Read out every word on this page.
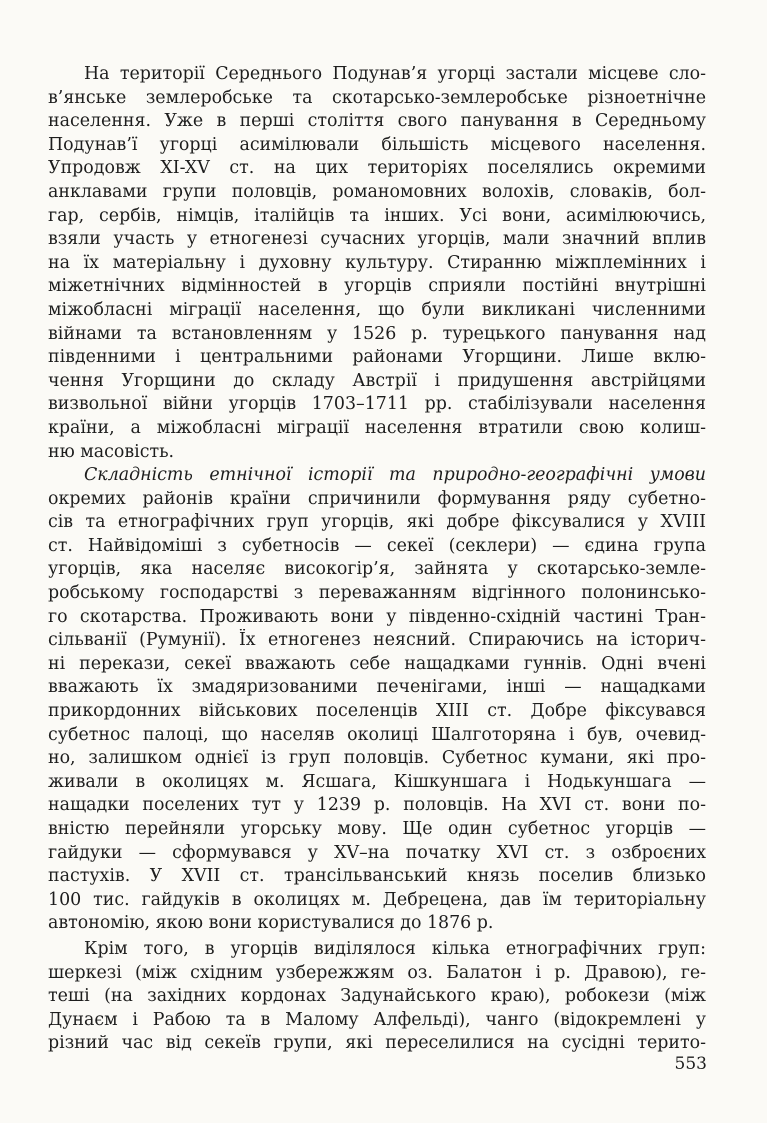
На території Середнього Подунав’я угорці застали місцеве сло-
в’янське землеробське та скотарсько-землеробське різноетнічне
населення. Уже в перші століття свого панування в Середньому
Подунав’ї угорці асимілювали більшість місцевого населення.
Упродовж XI-XV ст. на цих територіях поселялись окремими
анклавами групи половців, романомовних волохів, словаків, бол-
гар, сербів, німців, італійців та інших. Усі вони, асимілюючись,
взяли участь у етногенезі сучасних угорців, мали значний вплив
на їх матеріальну і духовну культуру. Стиранню міжплемінних і
міжетнічних відмінностей в угорців сприяли постійні внутрішні
міжобласні міграції населення, що були викликані численними
війнами та встановленням у 1526 р. турецького панування над
південними і центральними районами Угорщини. Лише вклю-
чення Угорщини до складу Австрії і придушення австрійцями
визвольної війни угорців 1703–1711 рр. стабілізували населення
країни, а міжобласні міграції населення втратили свою колиш-
ню масовість.
Складність етнічної історії та природно-географічні умови
окремих районів країни спричинили формування ряду субетно-
сів та етнографічних груп угорців, які добре фіксувалися у XVIII
ст. Найвідоміші з субетносів — секеї (секлери) — єдина група
угорців, яка населяє високогір’я, зайнята у скотарсько-земле-
робському господарстві з переважанням відгінного полонинсько-
го скотарства. Проживають вони у південно-східній частині Тран-
сільванії (Румунії). Їх етногенез неясний. Спираючись на історич-
ні перекази, секеї вважають себе нащадками гуннів. Одні вчені
вважають їх змадяризованими печенігами, інші — нащадками
прикордонних військових поселенців XIII ст. Добре фіксувався
субетнос палоці, що населяв околиці Шалготоряна і був, очевид-
но, залишком однієї із груп половців. Субетнос кумани, які про-
живали в околицях м. Ясшага, Кішкуншага і Нодькуншага —
нащадки поселених тут у 1239 р. половців. На XVI ст. вони по-
вністю перейняли угорську мову. Ще один субетнос угорців —
гайдуки — сформувався у XV–на початку XVI ст. з озброєних
пастухів. У XVII ст. трансільванський князь поселив близько
100 тис. гайдуків в околицях м. Дебрецена, дав їм територіальну
автономію, якою вони користувалися до 1876 р.
Крім того, в угорців виділялося кілька етнографічних груп:
шеркезі (між східним узбережжям оз. Балатон і р. Дравою), ге-
теші (на західних кордонах Задунайського краю), робокези (між
Дунаєм і Рабою та в Малому Алфельді), чанго (відокремлені у
різний час від секеїв групи, які переселилися на сусідні терито-
553
